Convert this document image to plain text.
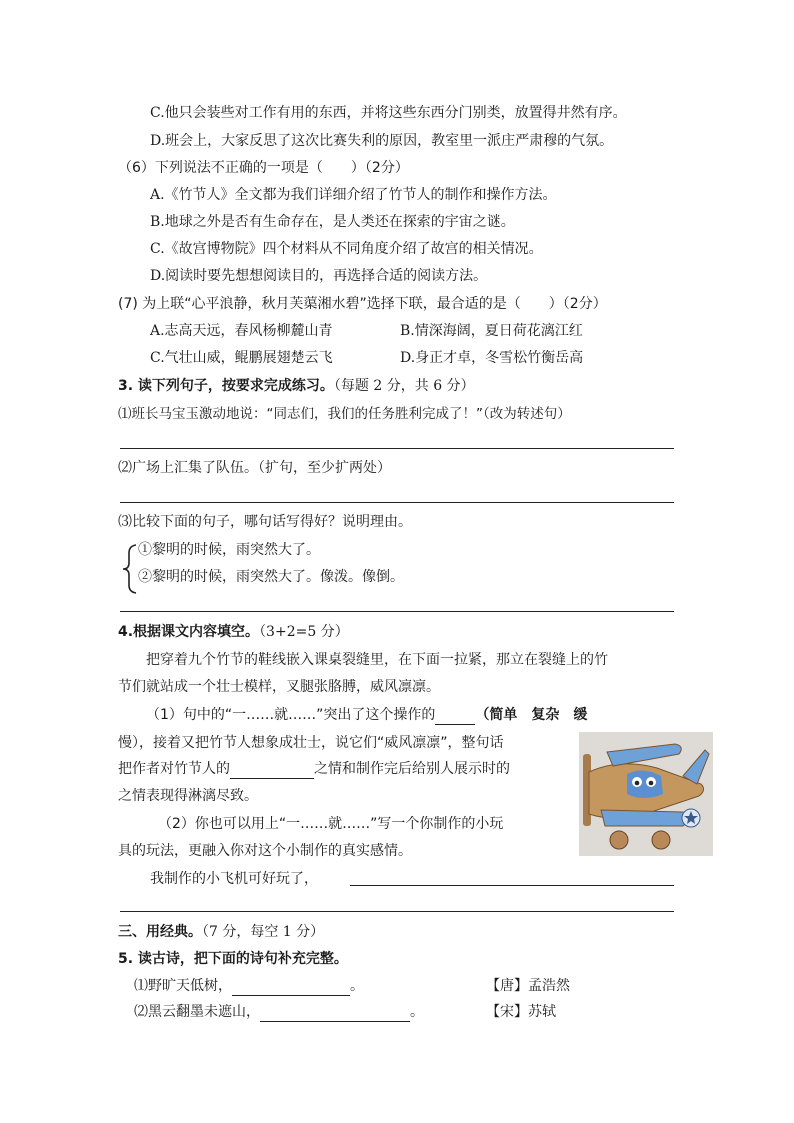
C.他只会装些对工作有用的东西，并将这些东西分门别类，放置得井然有序。
D.班会上，大家反思了这次比赛失利的原因，教室里一派庄严肃穆的气氛。
（6）下列说法不正确的一项是（　　）（2分）
A.《竹节人》全文都为我们详细介绍了竹节人的制作和操作方法。
B.地球之外是否有生命存在，是人类还在探索的宇宙之谜。
C.《故宫博物院》四个材料从不同角度介绍了故宫的相关情况。
D.阅读时要先想想阅读目的，再选择合适的阅读方法。
(7) 为上联“心平浪静，秋月芙蕖湘水碧”选择下联，最合适的是（　　）（2分）
A.志高天远，春风杨柳麓山青	B.情深海阔，夏日荷花漓江红
C.气壮山威，鲲鹏展翅楚云飞	D.身正才卓，冬雪松竹衡岳高
3. 读下列句子，按要求完成练习。（每题 2 分，共 6 分）
⑴班长马宝玉激动地说：“同志们，我们的任务胜利完成了！”（改为转述句）
⑵广场上汇集了队伍。（扩句，至少扩两处）
⑶比较下面的句子，哪句话写得好？说明理由。
①黎明的时候，雨突然大了。
②黎明的时候，雨突然大了。像泼。像倒。
4.根据课文内容填空。（3+2=5 分）
把穿着九个竹节的鞋线嵌入课桌裂缝里，在下面一拉紧，那立在裂缝上的竹
节们就站成一个壮士模样，叉腿张胳膊，威风凛凛。
（1）句中的“一……就……”突出了这个操作的	（简单　复杂　缓
慢），接着又把竹节人想象成壮士，说它们“威风凛凛”，整句话
把作者对竹节人的	之情和制作完后给别人展示时的
之情表现得淋漓尽致。
（2）你也可以用上“一……就……”写一个你制作的小玩
具的玩法，更融入你对这个小制作的真实感情。
我制作的小飞机可好玩了，
三、用经典。（7 分，每空 1 分）
5. 读古诗，把下面的诗句补充完整。
⑴野旷天低树，	。	【唐】孟浩然
⑵黑云翻墨未遮山，	。	【宋】苏轼
